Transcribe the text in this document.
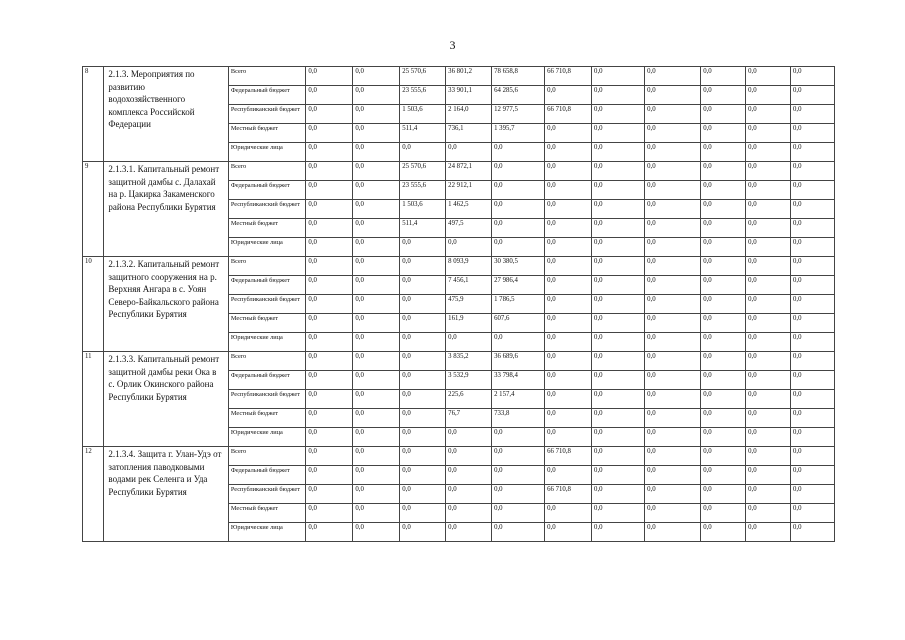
3
8	2.1.3. Мероприятия по развитию водохозяйственного комплекса Российской Федерации	Всего	0,0	0,0	25 570,6	36 801,2	78 658,8	66 710,8	0,0	0,0	0,0	0,0	0,0
		Федеральный бюджет	0,0	0,0	23 555,6	33 901,1	64 285,6	0,0	0,0	0,0	0,0	0,0	0,0
		Республиканский бюджет	0,0	0,0	1 503,6	2 164,0	12 977,5	66 710,8	0,0	0,0	0,0	0,0	0,0
		Местный бюджет	0,0	0,0	511,4	736,1	1 395,7	0,0	0,0	0,0	0,0	0,0	0,0
		Юридические лица	0,0	0,0	0,0	0,0	0,0	0,0	0,0	0,0	0,0	0,0	0,0
9	2.1.3.1. Капитальный ремонт защитной дамбы с. Далахай на р. Цакирка Закаменского района Республики Бурятия	Всего	0,0	0,0	25 570,6	24 872,1	0,0	0,0	0,0	0,0	0,0	0,0	0,0
		Федеральный бюджет	0,0	0,0	23 555,6	22 912,1	0,0	0,0	0,0	0,0	0,0	0,0	0,0
		Республиканский бюджет	0,0	0,0	1 503,6	1 462,5	0,0	0,0	0,0	0,0	0,0	0,0	0,0
		Местный бюджет	0,0	0,0	511,4	497,5	0,0	0,0	0,0	0,0	0,0	0,0	0,0
		Юридические лица	0,0	0,0	0,0	0,0	0,0	0,0	0,0	0,0	0,0	0,0	0,0
10	2.1.3.2. Капитальный ремонт защитного сооружения на р. Верхняя Ангара в с. Уоян Северо-Байкальского района Республики Бурятия	Всего	0,0	0,0	0,0	8 093,9	30 380,5	0,0	0,0	0,0	0,0	0,0	0,0
		Федеральный бюджет	0,0	0,0	0,0	7 456,1	27 986,4	0,0	0,0	0,0	0,0	0,0	0,0
		Республиканский бюджет	0,0	0,0	0,0	475,9	1 786,5	0,0	0,0	0,0	0,0	0,0	0,0
		Местный бюджет	0,0	0,0	0,0	161,9	607,6	0,0	0,0	0,0	0,0	0,0	0,0
		Юридические лица	0,0	0,0	0,0	0,0	0,0	0,0	0,0	0,0	0,0	0,0	0,0
11	2.1.3.3. Капитальный ремонт защитной дамбы реки Ока в с. Орлик Окинского района Республики Бурятия	Всего	0,0	0,0	0,0	3 835,2	36 689,6	0,0	0,0	0,0	0,0	0,0	0,0
		Федеральный бюджет	0,0	0,0	0,0	3 532,9	33 798,4	0,0	0,0	0,0	0,0	0,0	0,0
		Республиканский бюджет	0,0	0,0	0,0	225,6	2 157,4	0,0	0,0	0,0	0,0	0,0	0,0
		Местный бюджет	0,0	0,0	0,0	76,7	733,8	0,0	0,0	0,0	0,0	0,0	0,0
		Юридические лица	0,0	0,0	0,0	0,0	0,0	0,0	0,0	0,0	0,0	0,0	0,0
12	2.1.3.4. Защита г. Улан-Удэ от затопления паводковыми водами рек Селенга и Уда Республики Бурятия	Всего	0,0	0,0	0,0	0,0	0,0	66 710,8	0,0	0,0	0,0	0,0	0,0
		Федеральный бюджет	0,0	0,0	0,0	0,0	0,0	0,0	0,0	0,0	0,0	0,0	0,0
		Республиканский бюджет	0,0	0,0	0,0	0,0	0,0	66 710,8	0,0	0,0	0,0	0,0	0,0
		Местный бюджет	0,0	0,0	0,0	0,0	0,0	0,0	0,0	0,0	0,0	0,0	0,0
		Юридические лица	0,0	0,0	0,0	0,0	0,0	0,0	0,0	0,0	0,0	0,0	0,0
